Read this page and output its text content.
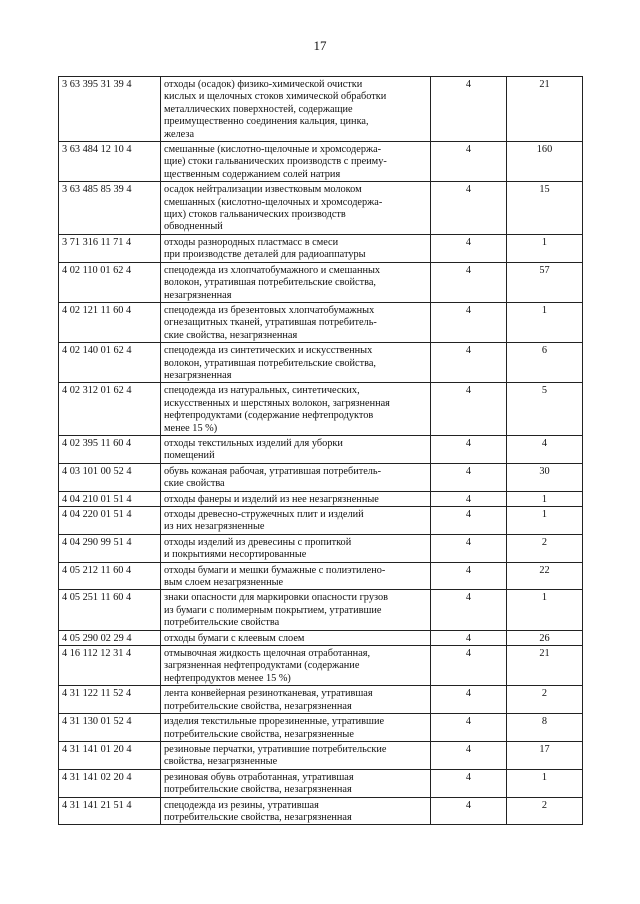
17
3 63 395 31 39 4	отходы (осадок) физико-химической очистки
кислых и щелочных стоков химической обработки
металлических поверхностей, содержащие
преимущественно соединения кальция, цинка,
железа	4	21
3 63 484 12 10 4	смешанные (кислотно-щелочные и хромсодержа-
щие) стоки гальванических производств с преиму-
щественным содержанием солей натрия	4	160
3 63 485 85 39 4	осадок нейтрализации известковым молоком
смешанных (кислотно-щелочных и хромсодержа-
щих) стоков гальванических производств
обводненный	4	15
3 71 316 11 71 4	отходы разнородных пластмасс в смеси
при производстве деталей для радиоаппатуры	4	1
4 02 110 01 62 4	спецодежда из хлопчатобумажного и смешанных
волокон, утратившая потребительские свойства,
незагрязненная	4	57
4 02 121 11 60 4	спецодежда из брезентовых хлопчатобумажных
огнезащитных тканей, утратившая потребитель-
ские свойства, незагрязненная	4	1
4 02 140 01 62 4	спецодежда из синтетических и искусственных
волокон, утратившая потребительские свойства,
незагрязненная	4	6
4 02 312 01 62 4	спецодежда из натуральных, синтетических,
искусственных и шерстяных волокон, загрязненная
нефтепродуктами (содержание нефтепродуктов
менее 15 %)	4	5
4 02 395 11 60 4	отходы текстильных изделий для уборки
помещений	4	4
4 03 101 00 52 4	обувь кожаная рабочая, утратившая потребитель-
ские свойства	4	30
4 04 210 01 51 4	отходы фанеры и изделий из нее незагрязненные	4	1
4 04 220 01 51 4	отходы древесно-стружечных плит и изделий
из них незагрязненные	4	1
4 04 290 99 51 4	отходы изделий из древесины с пропиткой
и покрытиями несортированные	4	2
4 05 212 11 60 4	отходы бумаги и мешки бумажные с полиэтилено-
вым слоем незагрязненные	4	22
4 05 251 11 60 4	знаки опасности для маркировки опасности грузов
из бумаги с полимерным покрытием, утратившие
потребительские свойства	4	1
4 05 290 02 29 4	отходы бумаги с клеевым слоем	4	26
4 16 112 12 31 4	отмывочная жидкость щелочная отработанная,
загрязненная нефтепродуктами (содержание
нефтепродуктов менее 15 %)	4	21
4 31 122 11 52 4	лента конвейерная резинотканевая, утратившая
потребительские свойства, незагрязненная	4	2
4 31 130 01 52 4	изделия текстильные прорезиненные, утратившие
потребительские свойства, незагрязненные	4	8
4 31 141 01 20 4	резиновые перчатки, утратившие потребительские
свойства, незагрязненные	4	17
4 31 141 02 20 4	резиновая обувь отработанная, утратившая
потребительские свойства, незагрязненная	4	1
4 31 141 21 51 4	спецодежда из резины, утратившая
потребительские свойства, незагрязненная	4	2
